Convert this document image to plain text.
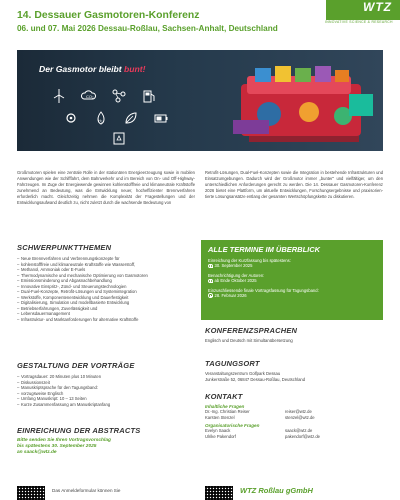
14. Dessauer Gasmotoren-Konferenz
06. und 07. Mai 2026 Dessau-Roßlau, Sachsen-Anhalt, Deutschland
WTZ
INNOVATIVE SCIENCE & RESEARCH
Der Gasmotor bleibt bunt!
CO₂
H₂

Großmotoren spielen eine zentrale Rolle in der stationären Energieerzeugung sowie in mobilen Anwendungen wie der Schifffahrt, dem Bahnverkehr und im Bereich von On- und Off-Highway-Fahrzeugen. Im Zuge der Energiewende gewinnen kohlenstofffreie und klimaneutrale Kraftstoffe zunehmend an Bedeutung, was die Entwicklung neuer, hocheffizienter Brennverfahren erforderlich macht. Gleichzeitig nehmen die Komplexität der Fragestellungen und der Entwicklungsaufwand deutlich zu, nicht zuletzt durch die wachsende Bedeutung von

Retrofit-Lösungen, Dual-Fuel-Konzepten sowie die Integration in bestehende Infrastrukturen und Einsatzumgebungen. Dadurch wird der Großmotor immer „bunter“ und vielfältiger, um den unterschiedlichen Anforderungen gerecht zu werden. Die 14. Dessauer Gasmotoren-Konferenz 2026 bietet eine Plattform, um aktuelle Entwicklungen, Forschungsergebnisse und praxisorientierte Lösungsansätze entlang der gesamten Wertschöpfungskette zu diskutieren.

SCHWERPUNKTTHEMEN
– Neue Brennverfahren und Verbrennungskonzepte für
– kohlenstofffreie und klimaneutrale Kraftstoffe wie Wasserstoff,
– Methanol, Ammoniak oder E-Fuels
– Thermodynamische und mechanische Optimierung von Gasmotoren
– Emissionsminderung und Abgasnachbehandlung
– Innovative Einspritz-, Zünd- und Steuerungstechnologien
– Dual-Fuel-Konzepte, Retrofit-Lösungen und Systemintegration
– Werkstoffe, Komponentenentwicklung und Dauerfestigkeit
– Digitalisierung, Simulation und modellbasierte Entwicklung
– Betriebserfahrungen, Zuverlässigkeit und
– Lebensdauermanagement
– Infrastruktur- und Marktanforderungen für alternative Kraftstoffe
ALLE TERMINE IM ÜBERBLICK
Einreichung der Kurzfassung bis spätestens:
30. September 2025
Benachrichtigung der Autoren:
ab Ende Oktober 2025
Einzuschliessende finale Vortragsfassung für Tagungsband:
28. Februar 2026
KONFERENZSPRACHEN

Englisch und Deutsch mit Simultanübersetzung

TAGUNGSORT

Veranstaltungszentrum Golfpark Dessau

Junkerstraße 52, 06847 Dessau-Roßlau, Deutschland

KONTAKT
Inhaltliche Fragen
Dr.-Ing. Christian Reiser	reiser@wtz.de
Karsten Stenzel	stenzel@wtz.de
Organisatorische Fragen
Evelyn Saack	saack@wtz.de
Ulrike Pakendorf	pakendorf@wtz.de
GESTALTUNG DER VORTRÄGE
– Vortragsdauer: 20 Minuten plus 10 Minuten
– Diskussionszeit
– Manuskriptsprache für den Tagungsband:
– vorzugsweise Englisch
– Umfang Manuskript: 10 – 13 Seiten
– Kurze Zusammenfassung am Manuskriptanfang
EINREICHUNG DER ABSTRACTS

Bitte senden Sie Ihren Vortragsvorschlag
bis spätestens 30. September 2025
an saack@wtz.de

Das Anmeldeformular können Sie	WTZ Roßlau gGmbH
